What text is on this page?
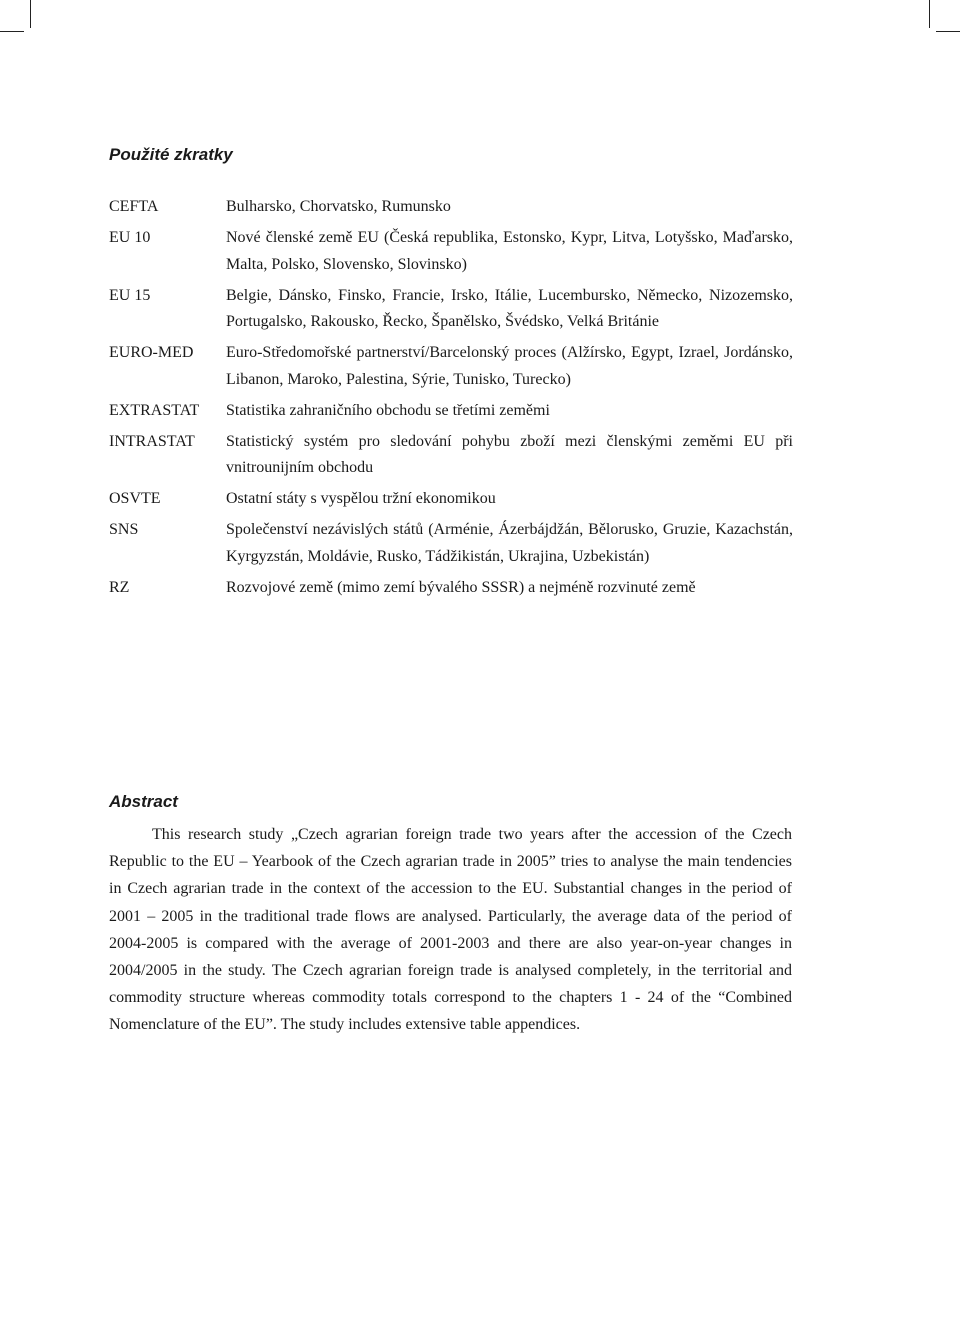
Použité zkratky
CEFTA	Bulharsko, Chorvatsko, Rumunsko
EU 10	Nové členské země EU (Česká republika, Estonsko, Kypr, Litva, Lotyšsko, Maďarsko, Malta, Polsko, Slovensko, Slovinsko)
EU 15	Belgie, Dánsko, Finsko, Francie, Irsko, Itálie, Lucembursko, Německo, Nizozemsko, Portugalsko, Rakousko, Řecko, Španělsko, Švédsko, Velká Británie
EURO-MED Euro-Středomořské partnerství/Barcelonský proces (Alžírsko, Egypt, Izrael, Jordánsko, Libanon, Maroko, Palestina, Sýrie, Tunisko, Turecko)
EXTRASTAT Statistika zahraničního obchodu se třetími zeměmi
INTRASTAT Statistický systém pro sledování pohybu zboží mezi členskými zeměmi EU při vnitrounijním obchodu
OSVTE	Ostatní státy s vyspělou tržní ekonomikou
SNS	Společenství nezávislých států (Arménie, Ázerbájdžán, Bělorusko, Gruzie, Kazachstán, Kyrgyzstán, Moldávie, Rusko, Tádžikistán, Ukrajina, Uzbekistán)
RZ	Rozvojové země (mimo zemí bývalého SSSR) a nejméně rozvinuté země
Abstract

This research study „Czech agrarian foreign trade two years after the accession of the Czech Republic to the EU – Yearbook of the Czech agrarian trade in 2005” tries to analyse the main tendencies in Czech agrarian trade in the context of the accession to the EU. Substantial changes in the period of 2001 – 2005 in the traditional trade flows are analysed. Particularly, the average data of the period of 2004-2005 is compared with the average of 2001-2003 and there are also year-on-year changes in 2004/2005 in the study. The Czech agrarian foreign trade is analysed completely, in the territorial and commodity structure whereas commodity totals correspond to the chapters 1 - 24 of the “Combined Nomenclature of the EU”. The study includes extensive table appendices.
